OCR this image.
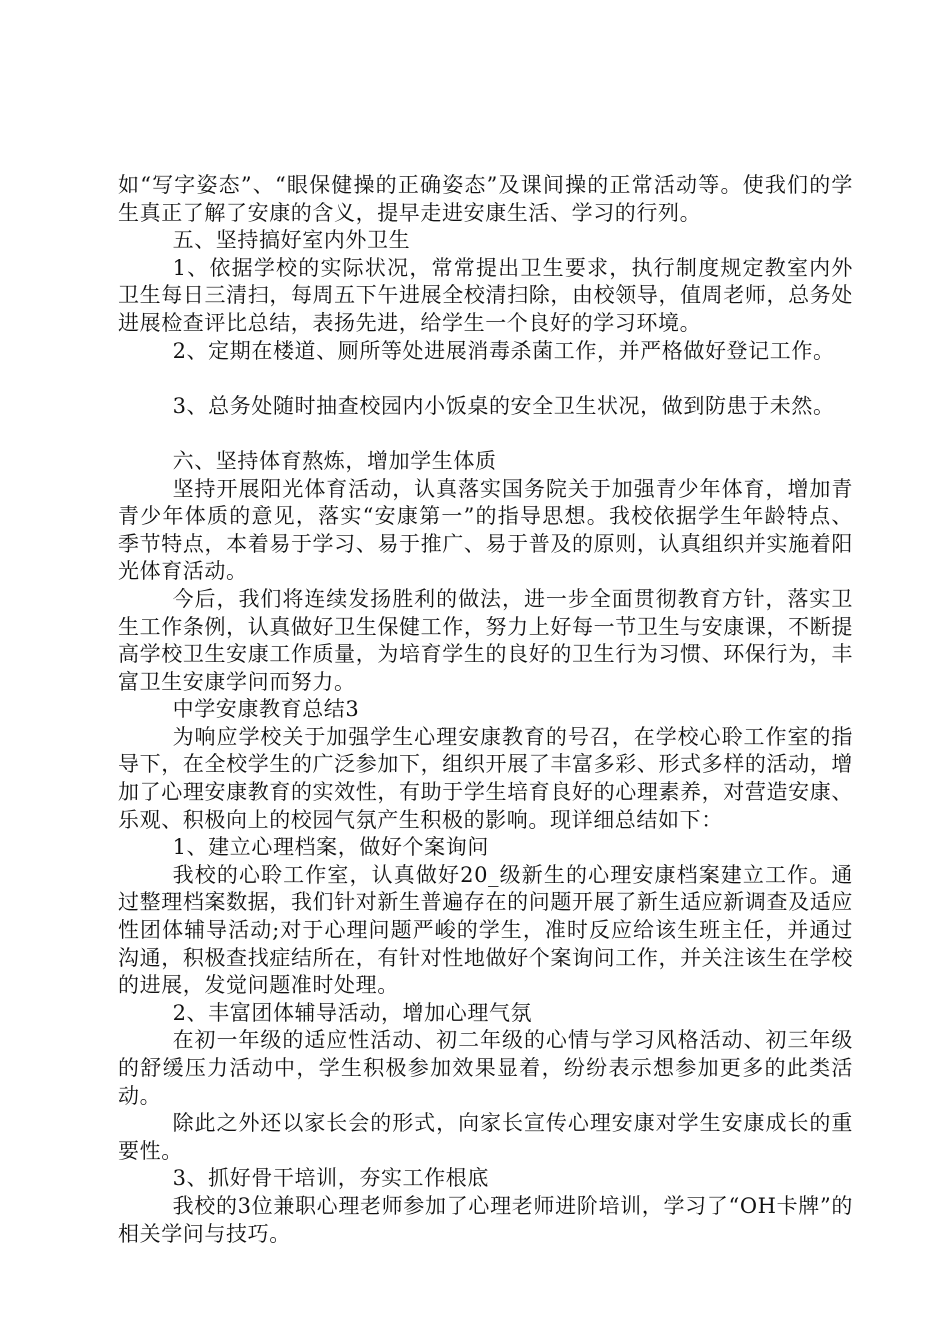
如“写字姿态”、“眼保健操的正确姿态”及课间操的正常活动等。使我们的学生真正了解了安康的含义，提早走进安康生活、学习的行列。

五、坚持搞好室内外卫生

1、依据学校的实际状况，常常提出卫生要求，执行制度规定教室内外卫生每日三清扫，每周五下午进展全校清扫除，由校领导，值周老师，总务处进展检查评比总结，表扬先进，给学生一个良好的学习环境。

2、定期在楼道、厕所等处进展消毒杀菌工作，并严格做好登记工作。

3、总务处随时抽查校园内小饭桌的安全卫生状况，做到防患于未然。

六、坚持体育熬炼，增加学生体质

坚持开展阳光体育活动，认真落实国务院关于加强青少年体育，增加青青少年体质的意见，落实“安康第一”的指导思想。我校依据学生年龄特点、季节特点，本着易于学习、易于推广、易于普及的原则，认真组织并实施着阳光体育活动。

今后，我们将连续发扬胜利的做法，进一步全面贯彻教育方针，落实卫生工作条例，认真做好卫生保健工作，努力上好每一节卫生与安康课，不断提高学校卫生安康工作质量，为培育学生的良好的卫生行为习惯、环保行为，丰富卫生安康学问而努力。

中学安康教育总结3

为响应学校关于加强学生心理安康教育的号召，在学校心聆工作室的指导下，在全校学生的广泛参加下，组织开展了丰富多彩、形式多样的活动，增加了心理安康教育的实效性，有助于学生培育良好的心理素养，对营造安康、乐观、积极向上的校园气氛产生积极的影响。现详细总结如下：

1、建立心理档案，做好个案询问

我校的心聆工作室，认真做好20_级新生的心理安康档案建立工作。通过整理档案数据，我们针对新生普遍存在的问题开展了新生适应新调查及适应性团体辅导活动;对于心理问题严峻的学生，准时反应给该生班主任，并通过沟通，积极查找症结所在，有针对性地做好个案询问工作，并关注该生在学校的进展，发觉问题准时处理。

2、丰富团体辅导活动，增加心理气氛

在初一年级的适应性活动、初二年级的心情与学习风格活动、初三年级的舒缓压力活动中，学生积极参加效果显着，纷纷表示想参加更多的此类活动。

除此之外还以家长会的形式，向家长宣传心理安康对学生安康成长的重要性。

3、抓好骨干培训，夯实工作根底

我校的3位兼职心理老师参加了心理老师进阶培训，学习了“OH卡牌”的相关学问与技巧。
